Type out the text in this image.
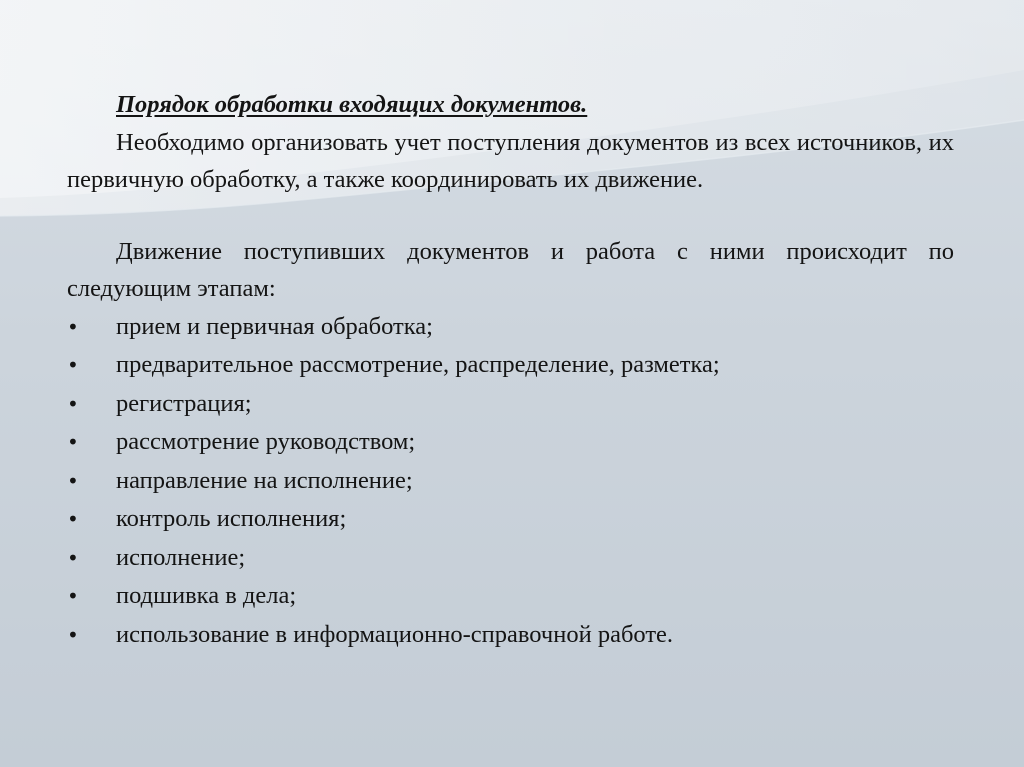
Порядок обработки входящих документов.

Необходимо организовать учет поступления документов из всех источников, их первичную обработку, а также координировать их движение.

Движение поступивших документов и работа с ними происходит по следующим этапам:

•	прием и первичная обработка;
•	предварительное рассмотрение, распределение, разметка;
•	регистрация;
•	рассмотрение руководством;
•	направление на исполнение;
•	контроль исполнения;
•	исполнение;
•	подшивка в дела;
•	использование в информационно-справочной работе.
